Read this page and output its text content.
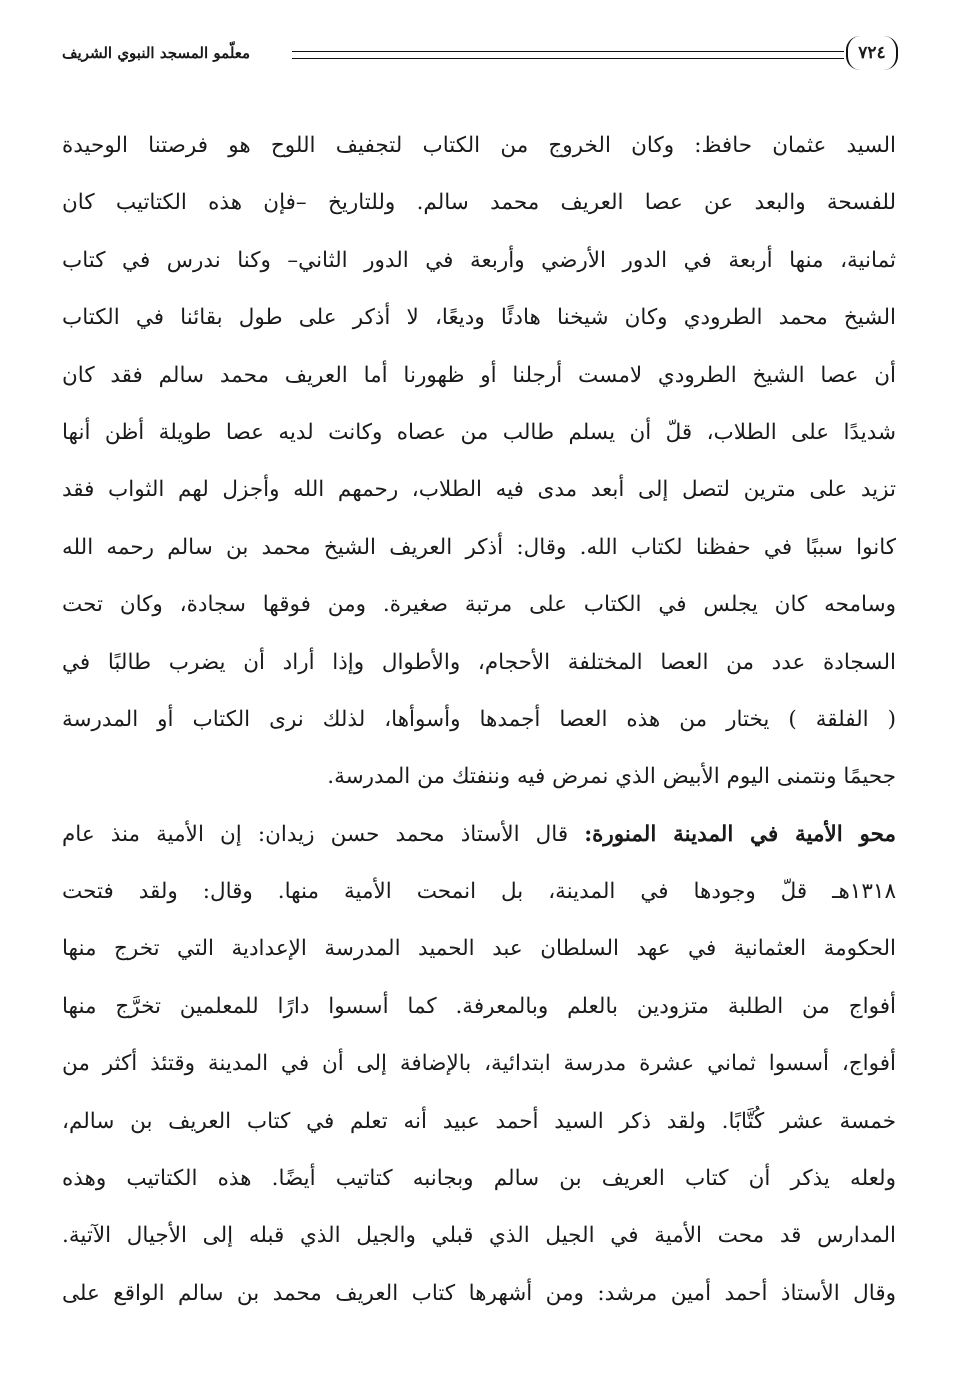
٧٢٤
معلّمو المسجد النبوي الشريف
السيد عثمان حافظ: وكان الخروج من الكتاب لتجفيف اللوح هو فرصتنا الوحيدة
للفسحة والبعد عن عصا العريف محمد سالم. وللتاريخ –فإن هذه الكتاتيب كان
ثمانية، منها أربعة في الدور الأرضي وأربعة في الدور الثاني– وكنا ندرس في كتاب
الشيخ محمد الطرودي وكان شيخنا هادئًا وديعًا، لا أذكر على طول بقائنا في الكتاب
أن عصا الشيخ الطرودي لامست أرجلنا أو ظهورنا أما العريف محمد سالم فقد كان
شديدًا على الطلاب، قلّ أن يسلم طالب من عصاه وكانت لديه عصا طويلة أظن أنها
تزيد على مترين لتصل إلى أبعد مدى فيه الطلاب، رحمهم الله وأجزل لهم الثواب فقد
كانوا سببًا في حفظنا لكتاب الله. وقال: أذكر العريف الشيخ محمد بن سالم رحمه الله
وسامحه كان يجلس في الكتاب على مرتبة صغيرة. ومن فوقها سجادة، وكان تحت
السجادة عدد من العصا المختلفة الأحجام، والأطوال وإذا أراد أن يضرب طالبًا في
( الفلقة ) يختار من هذه العصا أجمدها وأسوأها، لذلك نرى الكتاب أو المدرسة
جحيمًا ونتمنى اليوم الأبيض الذي نمرض فيه وننفتك من المدرسة.
محو الأمية في المدينة المنورة: قال الأستاذ محمد حسن زيدان: إن الأمية منذ عام
١٣١٨هـ قلّ وجودها في المدينة، بل انمحت الأمية منها. وقال: ولقد فتحت
الحكومة العثمانية في عهد السلطان عبد الحميد المدرسة الإعدادية التي تخرج منها
أفواج من الطلبة متزودين بالعلم وبالمعرفة. كما أسسوا دارًا للمعلمين تخرَّج منها
أفواج، أسسوا ثماني عشرة مدرسة ابتدائية، بالإضافة إلى أن في المدينة وقتئذ أكثر من
خمسة عشر كُتَّابًا. ولقد ذكر السيد أحمد عبيد أنه تعلم في كتاب العريف بن سالم،
ولعله يذكر أن كتاب العريف بن سالم وبجانبه كتاتيب أيضًا. هذه الكتاتيب وهذه
المدارس قد محت الأمية في الجيل الذي قبلي والجيل الذي قبله إلى الأجيال الآتية.
وقال الأستاذ أحمد أمين مرشد: ومن أشهرها كتاب العريف محمد بن سالم الواقع على
